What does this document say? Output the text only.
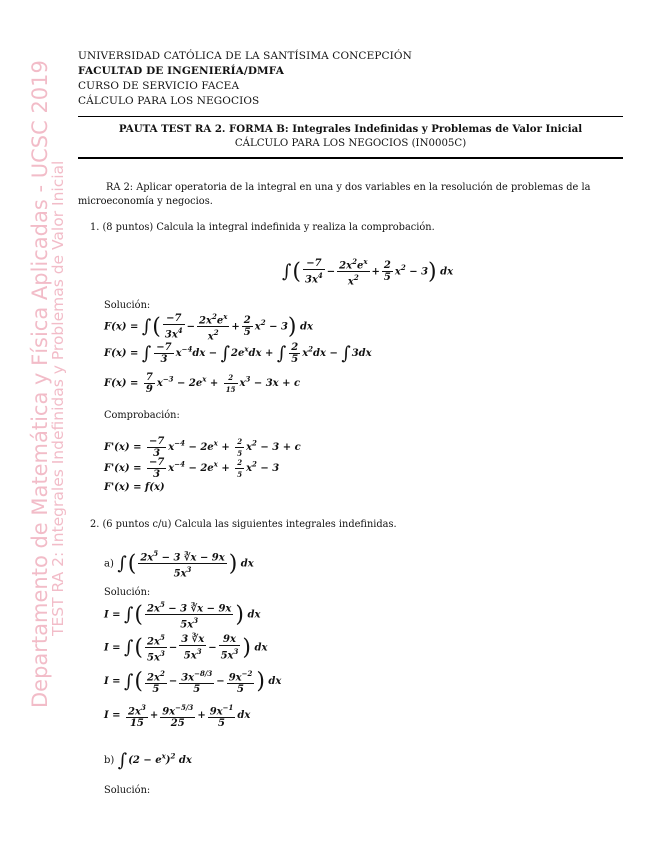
Departamento de Matemática y Física Aplicadas - UCSC 2019
TEST RA 2: Integrales Indefinidas y Problemas de Valor Inicial
UNIVERSIDAD CATÓLICA DE LA SANTÍSIMA CONCEPCIÓN
FACULTAD DE INGENIERÍA/DMFA
CURSO DE SERVICIO FACEA
CÁLCULO PARA LOS NEGOCIOS
PAUTA TEST RA 2. FORMA B: Integrales Indefinidas y Problemas de Valor Inicial
CÁLCULO PARA LOS NEGOCIOS (IN0005C)
RA 2: Aplicar operatoria de la integral en una y dos variables en la resolución de problemas de la microeconomía y negocios.
1. (8 puntos) Calcula la integral indefinida y realiza la comprobación.
∫( $\frac{-7}{3x^4} - \frac{2x^2e^x}{x^2} + \frac{2}{5} x^2 - 3$) dx
Solución:
F(x) = ∫( $\frac{-7}{3x^4} - \frac{2x^2e^x}{x^2} + \frac{2}{5} x^2 - 3$) dx
F(x) = ∫ $\frac{-7}{3} x^{-4}dx - \int 2e^xdx$ + ∫ $\frac{2}{5} x^2dx - \int 3dx$
$F(x) = \frac{7}{9} x^{-3} - 2e^x + \frac{2}{15} x^3 - 3x + c$
Comprobación:
$F'(x) = \frac{-7}{3} x^{-4} - 2e^x + \frac{2}{5} x^2 - 3 + c$
$F'(x) = \frac{-7}{3} x^{-4} - 2e^x + \frac{2}{5} x^2 - 3$
F'(x) = f(x)
2. (6 puntos c/u) Calcula las siguientes integrales indefinidas.
a) ∫( $\frac{2x^5 - 3 ∛x - 9x}{5x^3}$ ) dx
Solución:
I = ∫( $\frac{2x^5 - 3 ∛x - 9x}{5x^3}$ ) dx
I = ∫( $\frac{2x^5}{5x^3} - \frac{3 ∛x}{5x^3} - \frac{9x}{5x^3}$ ) dx
I = ∫( $\frac{2x^2}{5} - \frac{3x^{-8/3}}{5} - \frac{9x^{-2}}{5}$ ) dx
$I = \frac{2x^3}{15} + \frac{9x^{-5/3}}{25} + \frac{9x^{-1}}{5}$ dx
b) $\int(2 - e^x)^2$ dx
Solución:
